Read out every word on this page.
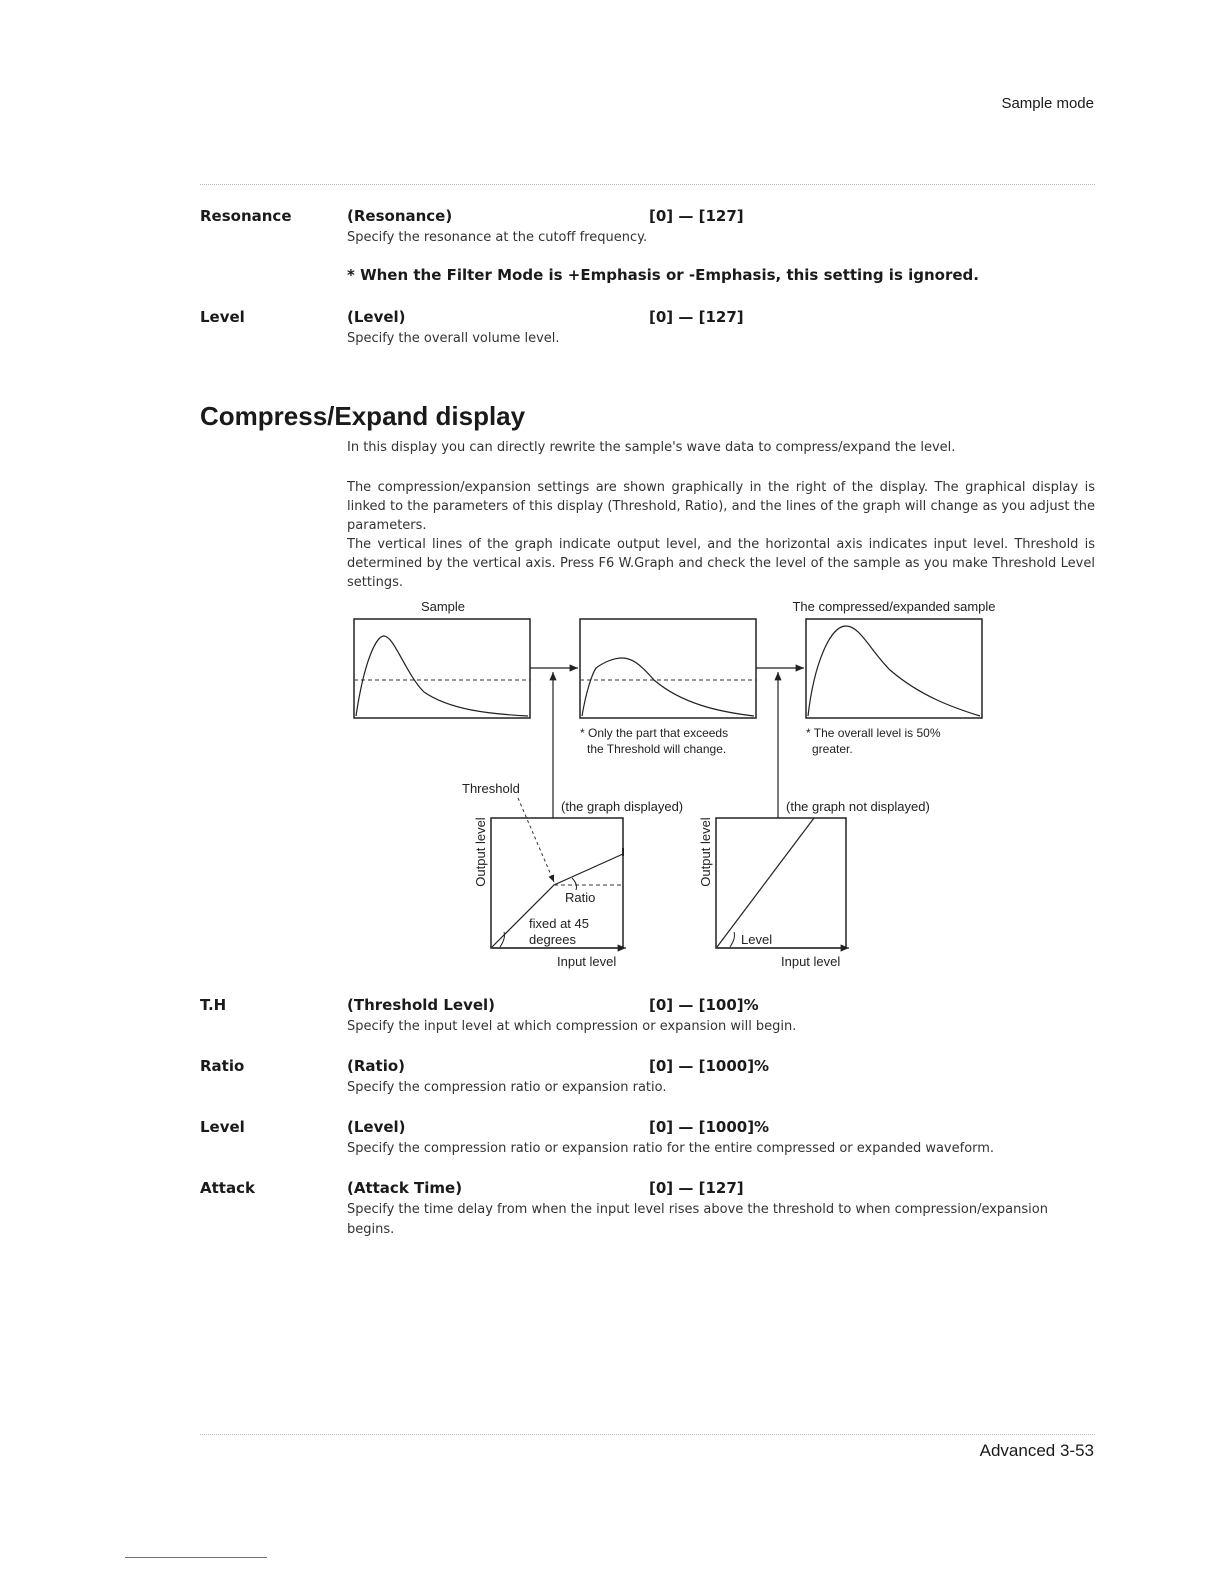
Sample mode
Resonance	(Resonance)	[0] — [127]
Specify the resonance at the cutoff frequency.
* When the Filter Mode is +Emphasis or -Emphasis, this setting is ignored.
Level	(Level)	[0] — [127]
Specify the overall volume level.
Compress/Expand display
In this display you can directly rewrite the sample's wave data to compress/expand the level.
The compression/expansion settings are shown graphically in the right of the display. The graphical display is linked to the parameters of this display (Threshold, Ratio), and the lines of the graph will change as you adjust the parameters.
The vertical lines of the graph indicate output level, and the horizontal axis indicates input level. Threshold is determined by the vertical axis. Press F6 W.Graph and check the level of the sample as you make Threshold Level settings.
Sample	The compressed/expanded sample
* Only the part that exceeds
the Threshold will change.
* The overall level is 50%
greater.
Threshold
(the graph displayed)	(the graph not displayed)
Output level
Ratio
fixed at 45
degrees
Input level
Output level
Level
Input level
T.H	(Threshold Level)	[0] — [100]%
Specify the input level at which compression or expansion will begin.
Ratio	(Ratio)	[0] — [1000]%
Specify the compression ratio or expansion ratio.
Level	(Level)	[0] — [1000]%
Specify the compression ratio or expansion ratio for the entire compressed or expanded waveform.
Attack	(Attack Time)	[0] — [127]
Specify the time delay from when the input level rises above the threshold to when compression/expansion begins.
Advanced 3-53
